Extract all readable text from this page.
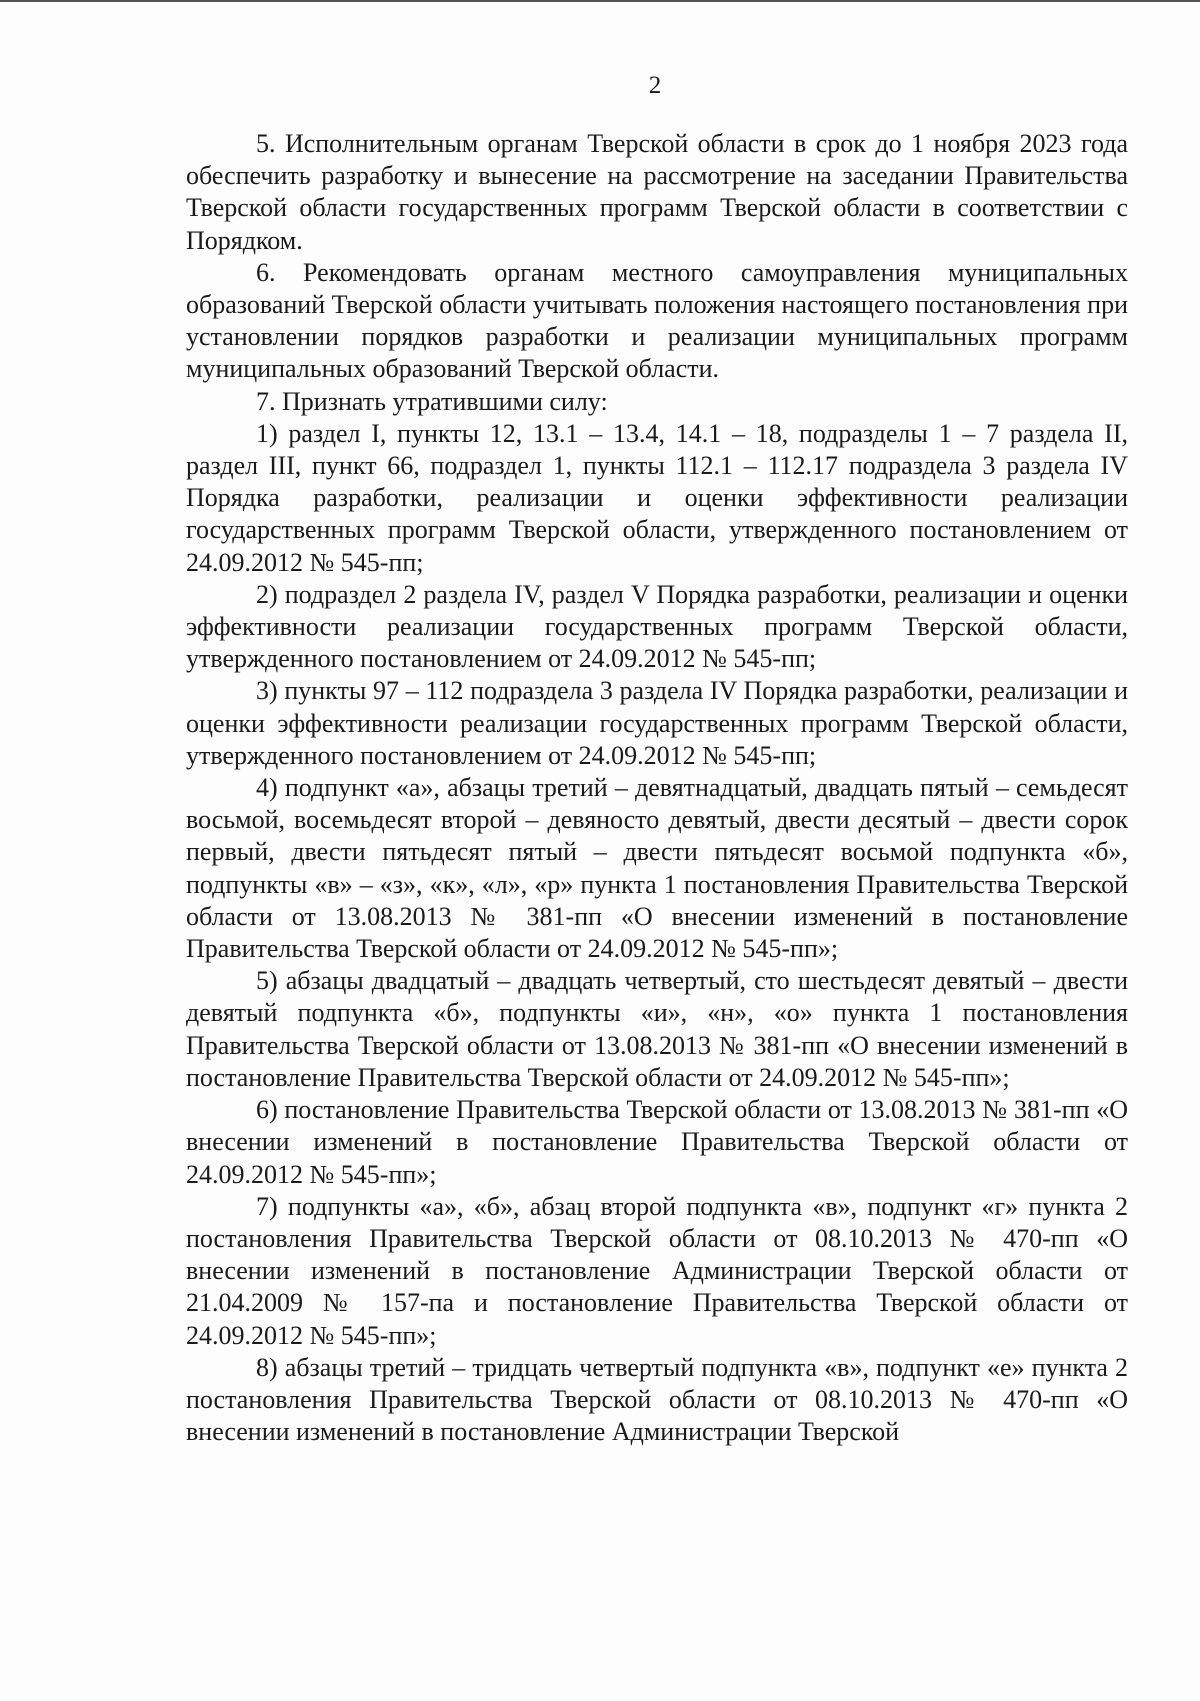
2

5. Исполнительным органам Тверской области в срок до 1 ноября 2023 года обеспечить разработку и вынесение на рассмотрение на заседании Правительства Тверской области государственных программ Тверской области в соответствии с Порядком.

6. Рекомендовать органам местного самоуправления муниципальных образований Тверской области учитывать положения настоящего постановления при установлении порядков разработки и реализации муниципальных программ муниципальных образований Тверской области.

7. Признать утратившими силу:

1) раздел I, пункты 12, 13.1 – 13.4, 14.1 – 18, подразделы 1 – 7 раздела II, раздел III, пункт 66, подраздел 1, пункты 112.1 – 112.17 подраздела 3 раздела IV Порядка разработки, реализации и оценки эффективности реализации государственных программ Тверской области, утвержденного постановлением от 24.09.2012 № 545-пп;

2) подраздел 2 раздела IV, раздел V Порядка разработки, реализации и оценки эффективности реализации государственных программ Тверской области, утвержденного постановлением от 24.09.2012 № 545-пп;

3) пункты 97 – 112 подраздела 3 раздела IV Порядка разработки, реализации и оценки эффективности реализации государственных программ Тверской области, утвержденного постановлением от 24.09.2012 № 545-пп;

4) подпункт «а», абзацы третий – девятнадцатый, двадцать пятый – семьдесят восьмой, восемьдесят второй – девяносто девятый, двести десятый – двести сорок первый, двести пятьдесят пятый – двести пятьдесят восьмой подпункта «б», подпункты «в» – «з», «к», «л», «р» пункта 1 постановления Правительства Тверской области от 13.08.2013 № 381-пп «О внесении изменений в постановление Правительства Тверской области от 24.09.2012 № 545-пп»;

5) абзацы двадцатый – двадцать четвертый, сто шестьдесят девятый – двести девятый подпункта «б», подпункты «и», «н», «о» пункта 1 постановления Правительства Тверской области от 13.08.2013 № 381-пп «О внесении изменений в постановление Правительства Тверской области от 24.09.2012 № 545-пп»;

6) постановление Правительства Тверской области от 13.08.2013 № 381-пп «О внесении изменений в постановление Правительства Тверской области от 24.09.2012 № 545-пп»;

7) подпункты «а», «б», абзац второй подпункта «в», подпункт «г» пункта 2 постановления Правительства Тверской области от 08.10.2013 № 470-пп «О внесении изменений в постановление Администрации Тверской области от 21.04.2009 № 157-па и постановление Правительства Тверской области от 24.09.2012 № 545-пп»;

8) абзацы третий – тридцать четвертый подпункта «в», подпункт «е» пункта 2 постановления Правительства Тверской области от 08.10.2013 № 470-пп «О внесении изменений в постановление Администрации Тверской
